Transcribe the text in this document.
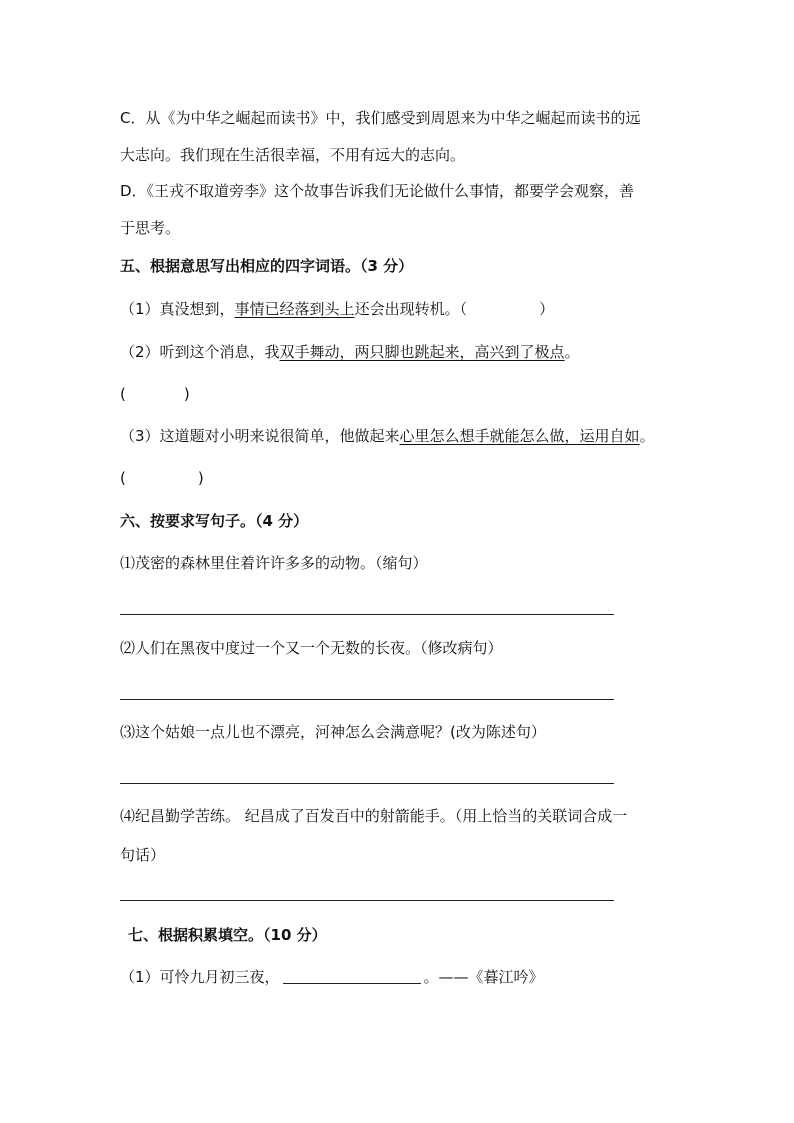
C．从《为中华之崛起而读书》中，我们感受到周恩来为中华之崛起而读书的远
大志向。我们现在生活很幸福，不用有远大的志向。
D．《王戎不取道旁李》这个故事告诉我们无论做什么事情，都要学会观察，善
于思考。
五、根据意思写出相应的四字词语。（3 分）
（1）真没想到，事情已经落到头上还会出现转机。（	）
（2）听到这个消息，我双手舞动，两只脚也跳起来，高兴到了极点。
(	)
（3）这道题对小明来说很简单，他做起来心里怎么想手就能怎么做，运用自如。
(	)
六、按要求写句子。（4 分）
⑴茂密的森林里住着许许多多的动物。（缩句）
⑵人们在黑夜中度过一个又一个无数的长夜。（修改病句）
⑶这个姑娘一点儿也不漂亮，河神怎么会满意呢？(改为陈述句）
⑷纪昌勤学苦练。 纪昌成了百发百中的射箭能手。（用上恰当的关联词合成一
句话）
七、根据积累填空。（10 分）
（1）可怜九月初三夜，	。——《暮江吟》
